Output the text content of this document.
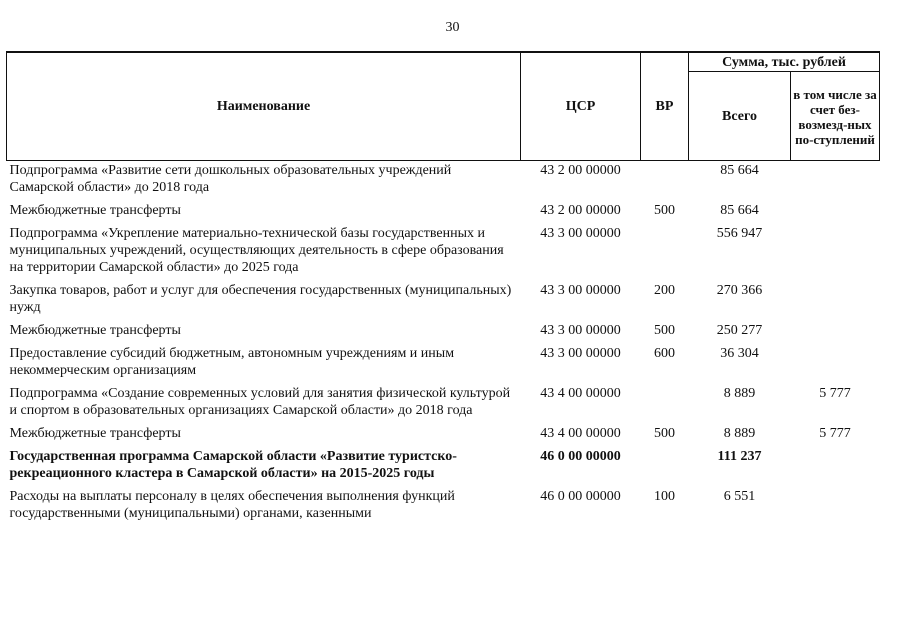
30
Наименование	ЦСР	ВР	Сумма, тыс. рублей	
			Всего	в том числе за счет без-возмезд-ных по-ступлений
Подпрограмма «Развитие сети дошкольных образовательных учреждений Самарской области» до 2018 года	43 2 00 00000		85 664	
Межбюджетные трансферты	43 2 00 00000	500	85 664	
Подпрограмма «Укрепление материально-технической базы государственных и муниципальных учреждений, осуществляющих деятельность в сфере образования на территории Самарской области» до 2025 года	43 3 00 00000		556 947	
Закупка товаров, работ и услуг для обеспечения государственных (муниципальных) нужд	43 3 00 00000	200	270 366	
Межбюджетные трансферты	43 3 00 00000	500	250 277	
Предоставление субсидий бюджетным, автономным учреждениям и иным некоммерческим организациям	43 3 00 00000	600	36 304	
Подпрограмма «Создание современных условий для занятия физической культурой и спортом в образовательных организациях Самарской области» до 2018 года	43 4 00 00000		8 889	5 777
Межбюджетные трансферты	43 4 00 00000	500	8 889	5 777
Государственная программа Самарской области «Развитие туристско-рекреационного кластера в Самарской области» на 2015-2025 годы	46 0 00 00000		111 237	
Расходы на выплаты персоналу в целях обеспечения выполнения функций государственными (муниципальными) органами, казенными	46 0 00 00000	100	6 551	
